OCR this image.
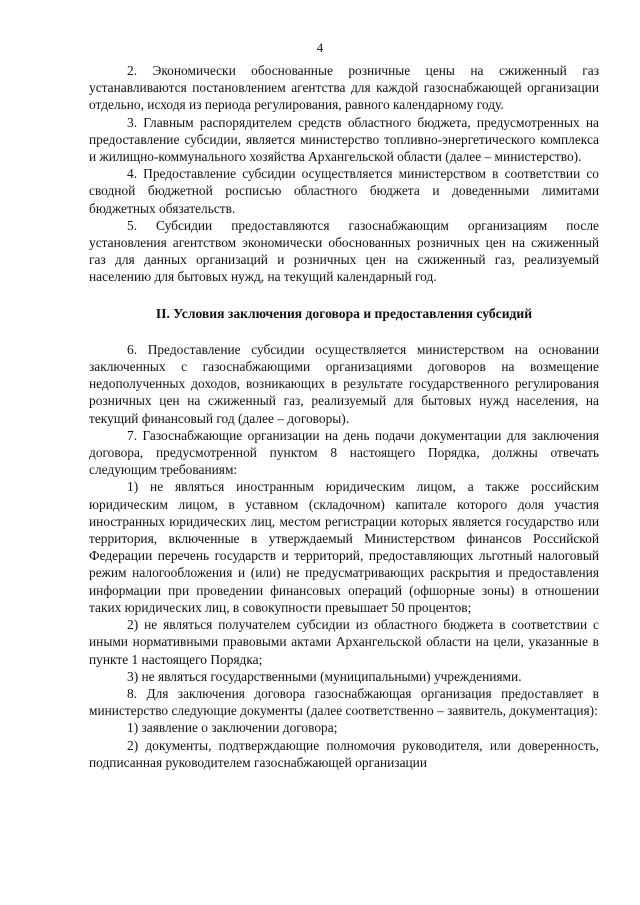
4

2. Экономически обоснованные розничные цены на сжиженный газ устанавливаются постановлением агентства для каждой газоснабжающей организации отдельно, исходя из периода регулирования, равного календарному году.

3. Главным распорядителем средств областного бюджета, предусмотренных на предоставление субсидии, является министерство топливно-энергетического комплекса и жилищно-коммунального хозяйства Архангельской области (далее – министерство).

4. Предоставление субсидии осуществляется министерством в соответствии со сводной бюджетной росписью областного бюджета и доведенными лимитами бюджетных обязательств.

5. Субсидии предоставляются газоснабжающим организациям после установления агентством экономически обоснованных розничных цен на сжиженный газ для данных организаций и розничных цен на сжиженный газ, реализуемый населению для бытовых нужд, на текущий календарный год.

II. Условия заключения договора и предоставления субсидий

6. Предоставление субсидии осуществляется министерством на основании заключенных с газоснабжающими организациями договоров на возмещение недополученных доходов, возникающих в результате государственного регулирования розничных цен на сжиженный газ, реализуемый для бытовых нужд населения, на текущий финансовый год (далее – договоры).

7. Газоснабжающие организации на день подачи документации для заключения договора, предусмотренной пунктом 8 настоящего Порядка, должны отвечать следующим требованиям:

1) не являться иностранным юридическим лицом, а также российским юридическим лицом, в уставном (складочном) капитале которого доля участия иностранных юридических лиц, местом регистрации которых является государство или территория, включенные в утверждаемый Министерством финансов Российской Федерации перечень государств и территорий, предоставляющих льготный налоговый режим налогообложения и (или) не предусматривающих раскрытия и предоставления информации при проведении финансовых операций (офшорные зоны) в отношении таких юридических лиц, в совокупности превышает 50 процентов;

2) не являться получателем субсидии из областного бюджета в соответствии с иными нормативными правовыми актами Архангельской области на цели, указанные в пункте 1 настоящего Порядка;

3) не являться государственными (муниципальными) учреждениями.

8. Для заключения договора газоснабжающая организация предоставляет в министерство следующие документы (далее соответственно – заявитель, документация):

1) заявление о заключении договора;

2) документы, подтверждающие полномочия руководителя, или доверенность, подписанная руководителем газоснабжающей организации
